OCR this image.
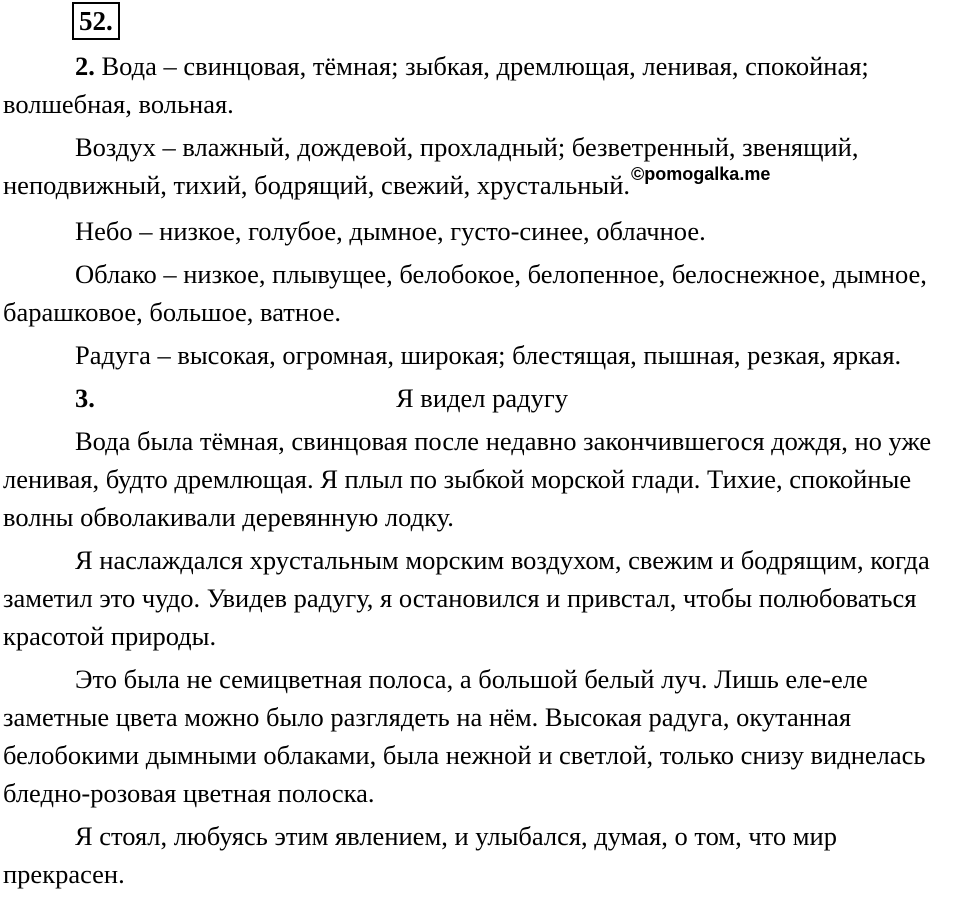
52.

2. Вода – свинцовая, тёмная; зыбкая, дремлющая, ленивая, спокойная; волшебная, вольная.

Воздух – влажный, дождевой, прохладный; безветренный, звенящий, неподвижный, тихий, бодрящий, свежий, хрустальный.$^{©pomogalka.me}$

Небо – низкое, голубое, дымное, густо-синее, облачное.

Облако – низкое, плывущее, белобокое, белопенное, белоснежное, дымное, барашковое, большое, ватное.

Радуга – высокая, огромная, широкая; блестящая, пышная, резкая, яркая.

3.	Я видел радугу

Вода была тёмная, свинцовая после недавно закончившегося дождя, но уже ленивая, будто дремлющая. Я плыл по зыбкой морской глади. Тихие, спокойные волны обволакивали деревянную лодку.

Я наслаждался хрустальным морским воздухом, свежим и бодрящим, когда заметил это чудо. Увидев радугу, я остановился и привстал, чтобы полюбоваться красотой природы.

Это была не семицветная полоса, а большой белый луч. Лишь еле-еле заметные цвета можно было разглядеть на нём. Высокая радуга, окутанная белобокими дымными облаками, была нежной и светлой, только снизу виднелась бледно-розовая цветная полоска.

Я стоял, любуясь этим явлением, и улыбался, думая, о том, что мир прекрасен.
